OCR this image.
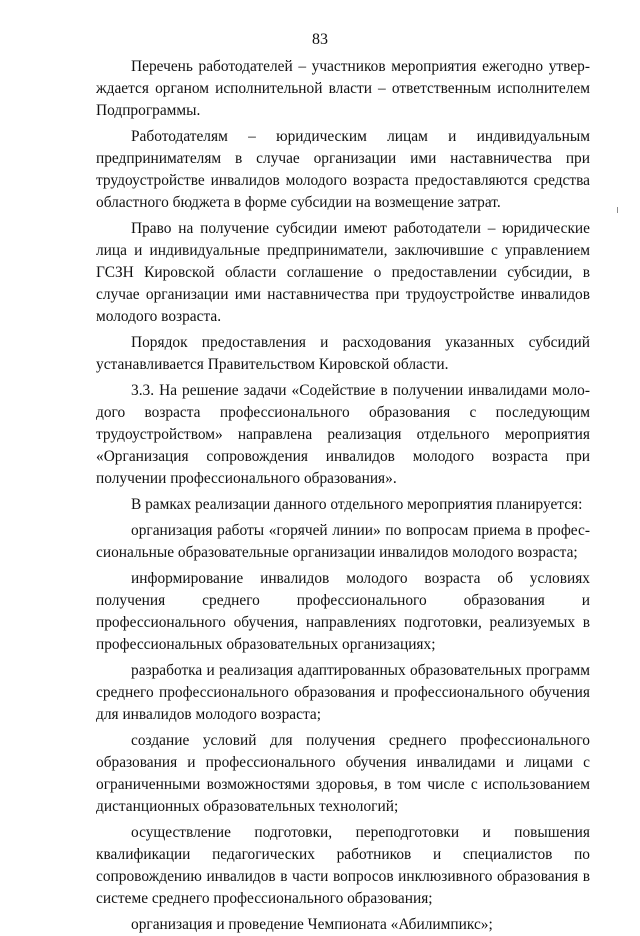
83

Перечень работодателей – участников мероприятия ежегодно утверждается органом исполнительной власти – ответственным исполнителем Подпрограммы.

Работодателям – юридическим лицам и индивидуальным предпринимателям в случае организации ими наставничества при трудоустройстве инвалидов молодого возраста предоставляются средства областного бюджета в форме субсидии на возмещение затрат.

Право на получение субсидии имеют работодатели – юридические лица и индивидуальные предприниматели, заключившие с управлением ГСЗН Кировской области соглашение о предоставлении субсидии, в случае организации ими наставничества при трудоустройстве инвалидов молодого возраста.

Порядок предоставления и расходования указанных субсидий устанавливается Правительством Кировской области.

3.3. На решение задачи «Содействие в получении инвалидами молодого возраста профессионального образования с последующим трудоустройством» направлена реализация отдельного мероприятия «Организация сопровождения инвалидов молодого возраста при получении профессионального образования».

В рамках реализации данного отдельного мероприятия планируется:

организация работы «горячей линии» по вопросам приема в профессиональные образовательные организации инвалидов молодого возраста;

информирование инвалидов молодого возраста об условиях получения среднего профессионального образования и профессионального обучения, направлениях подготовки, реализуемых в профессиональных образовательных организациях;

разработка и реализация адаптированных образовательных программ среднего профессионального образования и профессионального обучения для инвалидов молодого возраста;

создание условий для получения среднего профессионального образования и профессионального обучения инвалидами и лицами с ограниченными возможностями здоровья, в том числе с использованием дистанционных образовательных технологий;

осуществление подготовки, переподготовки и повышения квалификации педагогических работников и специалистов по сопровождению инвалидов в части вопросов инклюзивного образования в системе среднего профессионального образования;

организация и проведение Чемпионата «Абилимпикс»;
